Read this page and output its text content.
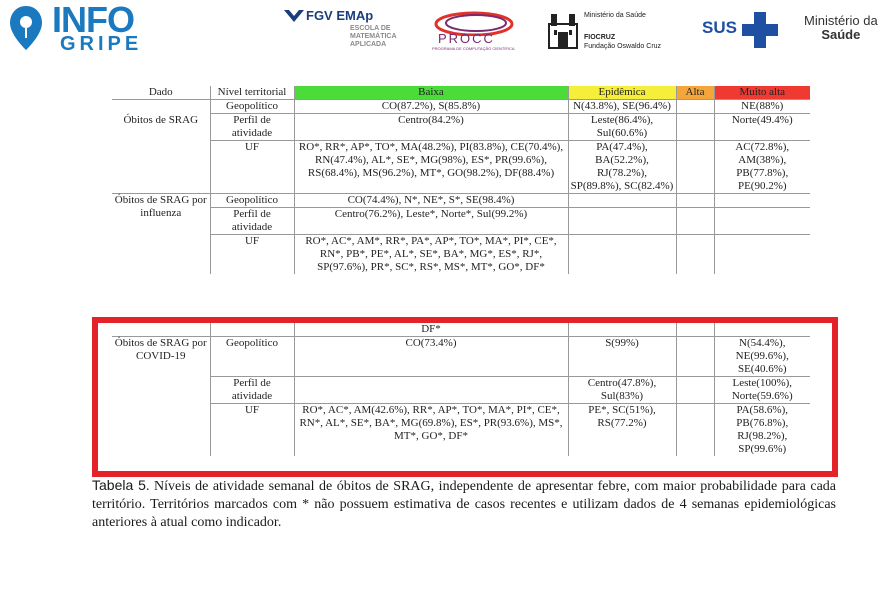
INFO
GRIPE
FGV EMAp
ESCOLA DE
MATEMÁTICA
APLICADA	PROCC
PROGRAMA DE COMPUTAÇÃO CIENTÍFICA
Ministério da Saúde
FIOCRUZ
Fundação Oswaldo Cruz
SUS	Ministério da
Saúde
Dado	Nível territorial	Baixa	Epidêmica	Alta	Muito alta
Óbitos de SRAG	Geopolítico	CO(87.2%), S(85.8%)	N(43.8%), SE(96.4%)		NE(88%)
	Perfil de atividade	Centro(84.2%)	Leste(86.4%), Sul(60.6%)		Norte(49.4%)
	UF	RO*, RR*, AP*, TO*, MA(48.2%), PI(83.8%), CE(70.4%), RN(47.4%), AL*, SE*, MG(98%), ES*, PR(99.6%), RS(68.4%), MS(96.2%), MT*, GO(98.2%), DF(88.4%)	PA(47.4%), BA(52.2%), RJ(78.2%), SP(89.8%), SC(82.4%)		AC(72.8%), AM(38%), PB(77.8%), PE(90.2%)
Óbitos de SRAG por influenza	Geopolítico	CO(74.4%), N*, NE*, S*, SE(98.4%)			
	Perfil de atividade	Centro(76.2%), Leste*, Norte*, Sul(99.2%)			
	UF	RO*, AC*, AM*, RR*, PA*, AP*, TO*, MA*, PI*, CE*, RN*, PB*, PE*, AL*, SE*, BA*, MG*, ES*, RJ*, SP(97.6%), PR*, SC*, RS*, MS*, MT*, GO*, DF*			
		DF*			
Óbitos de SRAG por COVID-19	Geopolítico	CO(73.4%)	S(99%)		N(54.4%), NE(99.6%), SE(40.6%)
	Perfil de atividade		Centro(47.8%), Sul(83%)		Leste(100%), Norte(59.6%)
	UF	RO*, AC*, AM(42.6%), RR*, AP*, TO*, MA*, PI*, CE*, RN*, AL*, SE*, BA*, MG(69.8%), ES*, PR(93.6%), MS*, MT*, GO*, DF*	PE*, SC(51%), RS(77.2%)		PA(58.6%), PB(76.8%), RJ(98.2%), SP(99.6%)
Tabela 5. Níveis de atividade semanal de óbitos de SRAG, independente de apresentar febre, com maior probabilidade para cada território. Territórios marcados com * não possuem estimativa de casos recentes e utilizam dados de 4 semanas epidemiológicas anteriores à atual como indicador.
